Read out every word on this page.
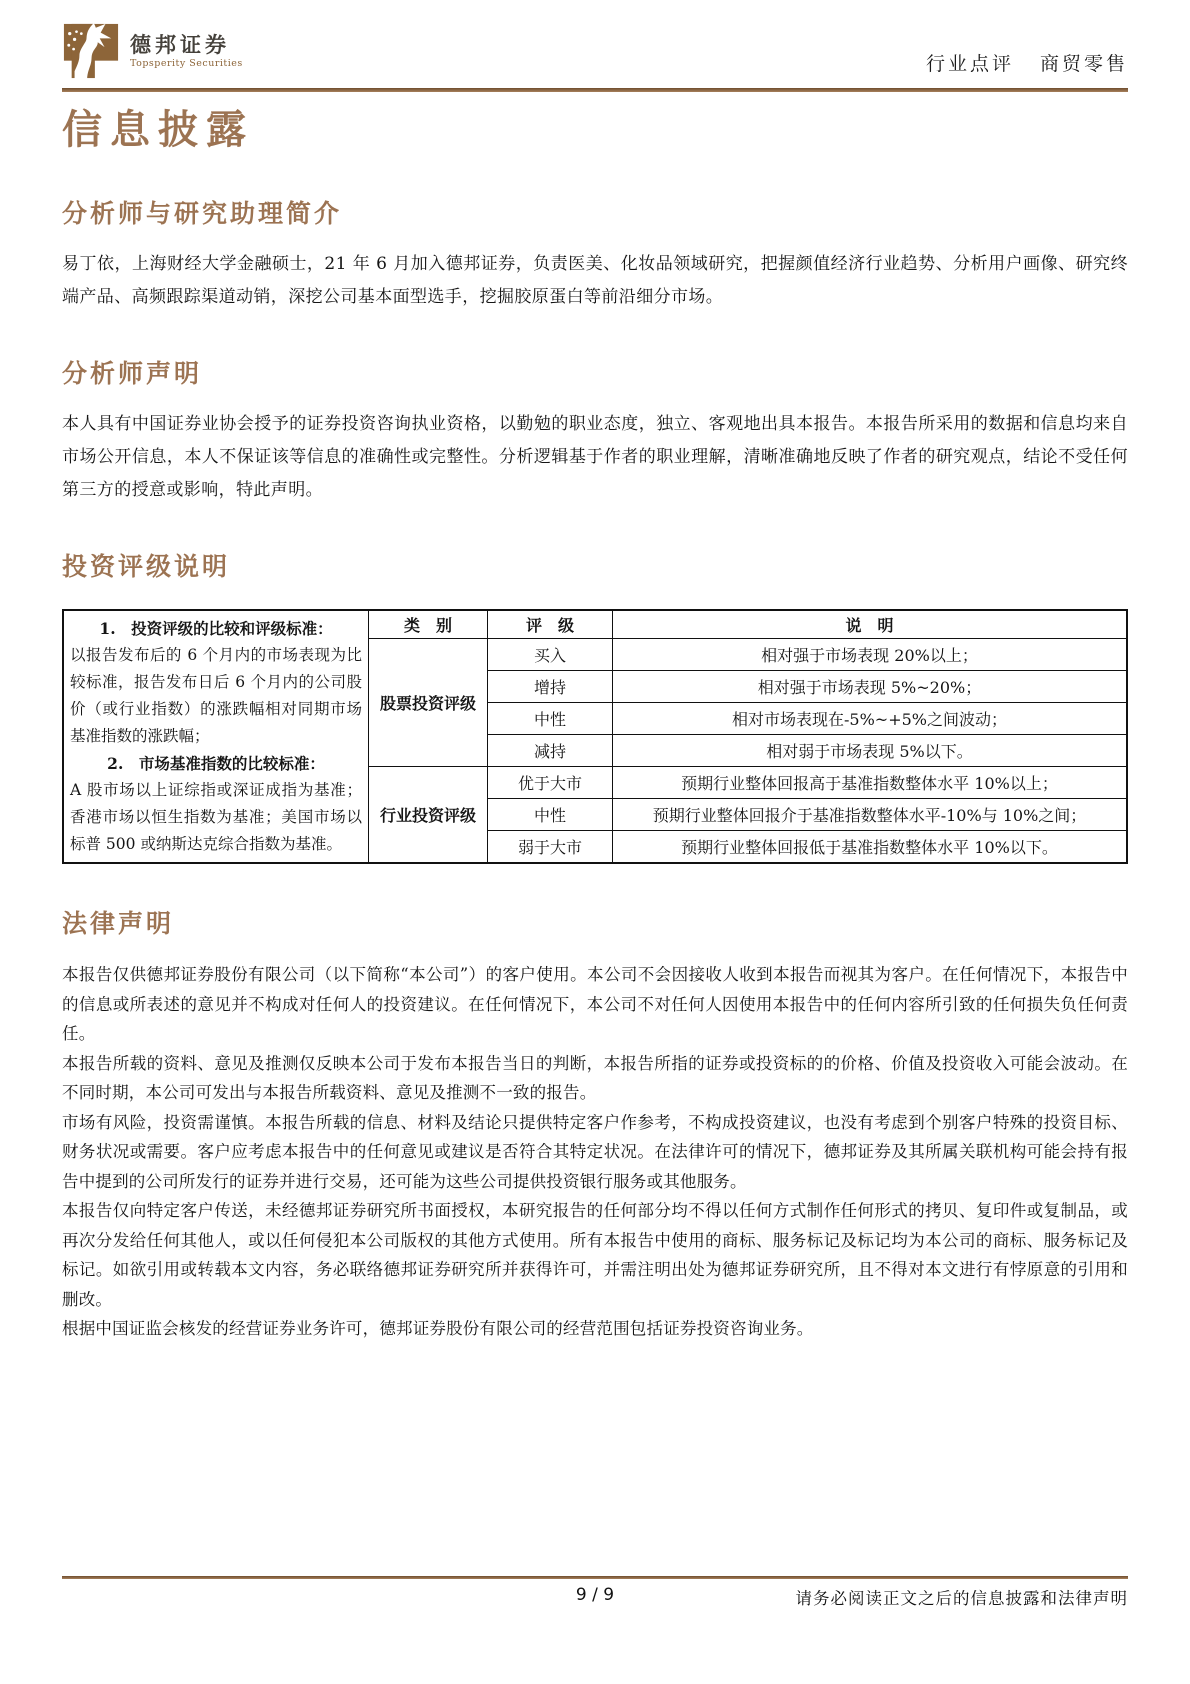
德邦证券
Topsperity Securities	行业点评 商贸零售
信息披露
分析师与研究助理简介

易丁依，上海财经大学金融硕士，21 年 6 月加入德邦证券，负责医美、化妆品领域研究，把握颜值经济行业趋势、分析用户画像、研究终端产品、高频跟踪渠道动销，深挖公司基本面型选手，挖掘胶原蛋白等前沿细分市场。

分析师声明

本人具有中国证券业协会授予的证券投资咨询执业资格，以勤勉的职业态度，独立、客观地出具本报告。本报告所采用的数据和信息均来自市场公开信息，本人不保证该等信息的准确性或完整性。分析逻辑基于作者的职业理解，清晰准确地反映了作者的研究观点，结论不受任何第三方的授意或影响，特此声明。

投资评级说明
1.　投资评级的比较和评级标准：
以报告发布后的 6 个月内的市场表现为比较标准，报告发布日后 6 个月内的公司股价（或行业指数）的涨跌幅相对同期市场基准指数的涨跌幅；
2.　市场基准指数的比较标准：
A 股市场以上证综指或深证成指为基准；香港市场以恒生指数为基准；美国市场以标普 500 或纳斯达克综合指数为基准。	类　别	评　级	说　明
	股票投资评级	买入	相对强于市场表现 20%以上；
		增持	相对强于市场表现 5%~20%；
		中性	相对市场表现在-5%~+5%之间波动；
		减持	相对弱于市场表现 5%以下。
	行业投资评级	优于大市	预期行业整体回报高于基准指数整体水平 10%以上；
		中性	预期行业整体回报介于基准指数整体水平-10%与 10%之间；
		弱于大市	预期行业整体回报低于基准指数整体水平 10%以下。
法律声明

本报告仅供德邦证券股份有限公司（以下简称“本公司”）的客户使用。本公司不会因接收人收到本报告而视其为客户。在任何情况下，本报告中的信息或所表述的意见并不构成对任何人的投资建议。在任何情况下，本公司不对任何人因使用本报告中的任何内容所引致的任何损失负任何责任。

本报告所载的资料、意见及推测仅反映本公司于发布本报告当日的判断，本报告所指的证券或投资标的的价格、价值及投资收入可能会波动。在不同时期，本公司可发出与本报告所载资料、意见及推测不一致的报告。

市场有风险，投资需谨慎。本报告所载的信息、材料及结论只提供特定客户作参考，不构成投资建议，也没有考虑到个别客户特殊的投资目标、财务状况或需要。客户应考虑本报告中的任何意见或建议是否符合其特定状况。在法律许可的情况下，德邦证券及其所属关联机构可能会持有报告中提到的公司所发行的证券并进行交易，还可能为这些公司提供投资银行服务或其他服务。

本报告仅向特定客户传送，未经德邦证券研究所书面授权，本研究报告的任何部分均不得以任何方式制作任何形式的拷贝、复印件或复制品，或再次分发给任何其他人，或以任何侵犯本公司版权的其他方式使用。所有本报告中使用的商标、服务标记及标记均为本公司的商标、服务标记及标记。如欲引用或转载本文内容，务必联络德邦证券研究所并获得许可，并需注明出处为德邦证券研究所，且不得对本文进行有悖原意的引用和删改。

根据中国证监会核发的经营证券业务许可，德邦证券股份有限公司的经营范围包括证券投资咨询业务。

9 / 9	请务必阅读正文之后的信息披露和法律声明
